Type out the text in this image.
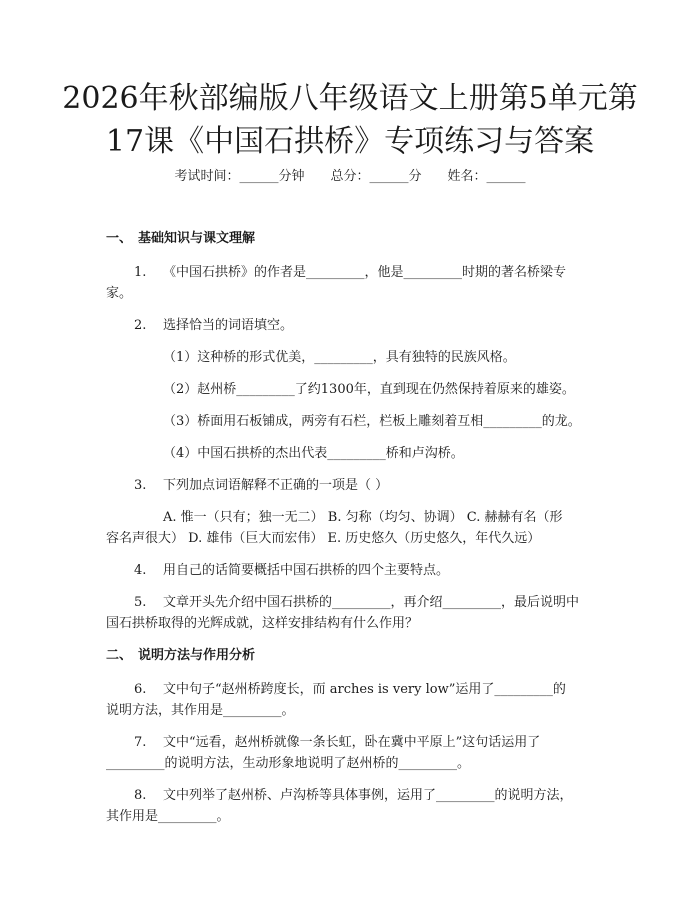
2026年秋部编版八年级语文上册第5单元第
17课《中国石拱桥》专项练习与答案
考试时间：______分钟 总分：______分 姓名：______
一、 基础知识与课文理解
1. 《中国石拱桥》的作者是_________，他是_________时期的著名桥梁专
家。
2. 选择恰当的词语填空。
（1）这种桥的形式优美，_________，具有独特的民族风格。
（2）赵州桥_________了约1300年，直到现在仍然保持着原来的雄姿。
（3）桥面用石板铺成，两旁有石栏，栏板上雕刻着互相_________的龙。
（4）中国石拱桥的杰出代表_________桥和卢沟桥。
3. 下列加点词语解释不正确的一项是（ ）
A. 惟一（只有；独一无二） B. 匀称（均匀、协调） C. 赫赫有名（形
容名声很大） D. 雄伟（巨大而宏伟） E. 历史悠久（历史悠久，年代久远）
4. 用自己的话简要概括中国石拱桥的四个主要特点。
5. 文章开头先介绍中国石拱桥的_________，再介绍_________，最后说明中
国石拱桥取得的光辉成就，这样安排结构有什么作用？
二、 说明方法与作用分析
6. 文中句子“赵州桥跨度长，而 arches is very low”运用了_________的
说明方法，其作用是_________。
7. 文中“远看，赵州桥就像一条长虹，卧在冀中平原上”这句话运用了
_________的说明方法，生动形象地说明了赵州桥的_________。
8. 文中列举了赵州桥、卢沟桥等具体事例，运用了_________的说明方法，
其作用是_________。
